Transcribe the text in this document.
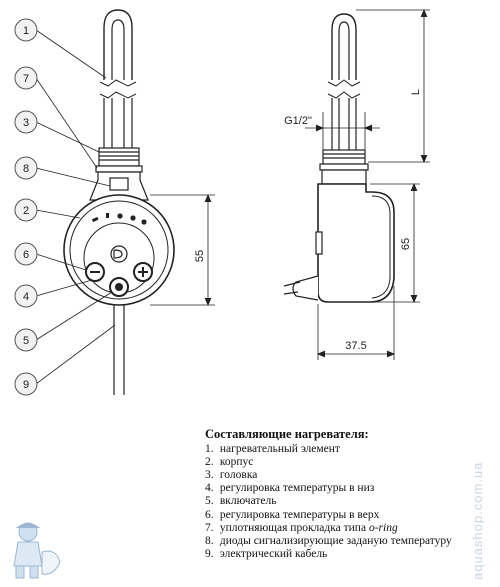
55
1
7
3
8
2
6
4
5
9
L
G1/2"
65
37.5
Составляющие нагревателя:
1. нагревательный элемент
2. корпус
3. головка
4. регулировка температуры в низ
5. включатель
6. регулировка температуры в верх
7. уплотняющая прокладка типа o-ring
8. диоды сигнализирующие заданую температуру
9. электрический кабель	aquashop.com.ua
